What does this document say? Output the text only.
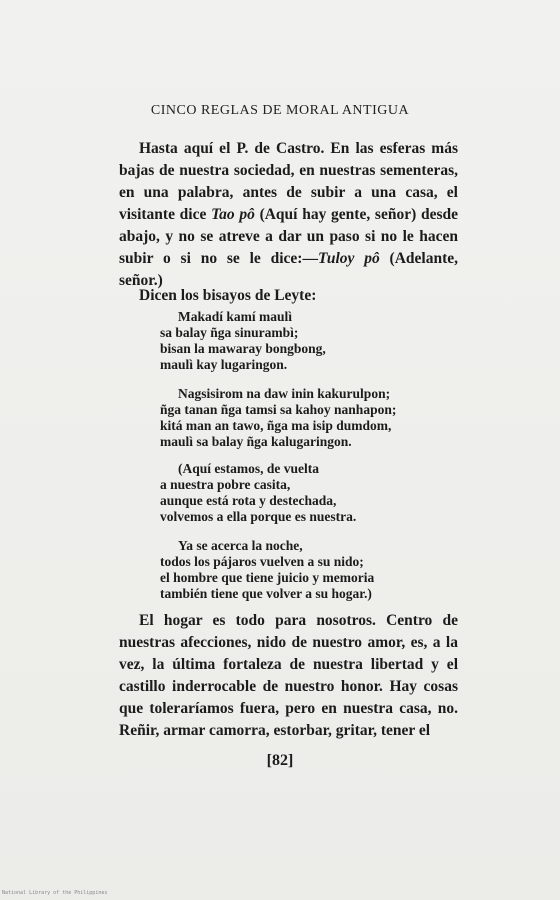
CINCO REGLAS DE MORAL ANTIGUA
Hasta aquí el P. de Castro. En las esferas más bajas de nuestra sociedad, en nuestras sementeras, en una palabra, antes de subir a una casa, el visitante dice Tao pô (Aquí hay gente, señor) desde abajo, y no se atreve a dar un paso si no le hacen subir o si no se le dice:—Tuloy pô (Adelante, señor.)
Dicen los bisayos de Leyte:
Makadí kamí maulì
sa balay ñga sinurambì;
bisan la mawaray bongbong,
maulì kay lugaringon.
Nagsisirom na daw inin kakurulpon;
ñga tanan ñga tamsi sa kahoy nanhapon;
kitá man an tawo, ñga ma isip dumdom,
maulì sa balay ñga kalugaringon.
(Aquí estamos, de vuelta
a nuestra pobre casita,
aunque está rota y destechada,
volvemos a ella porque es nuestra.
Ya se acerca la noche,
todos los pájaros vuelven a su nido;
el hombre que tiene juicio y memoria
también tiene que volver a su hogar.)
El hogar es todo para nosotros. Centro de nuestras afecciones, nido de nuestro amor, es, a la vez, la última fortaleza de nuestra libertad y el castillo inderrocable de nuestro honor. Hay cosas que toleraríamos fuera, pero en nuestra casa, no. Reñir, armar camorra, estorbar, gritar, tener el
[82]
National Library of the Philippines
